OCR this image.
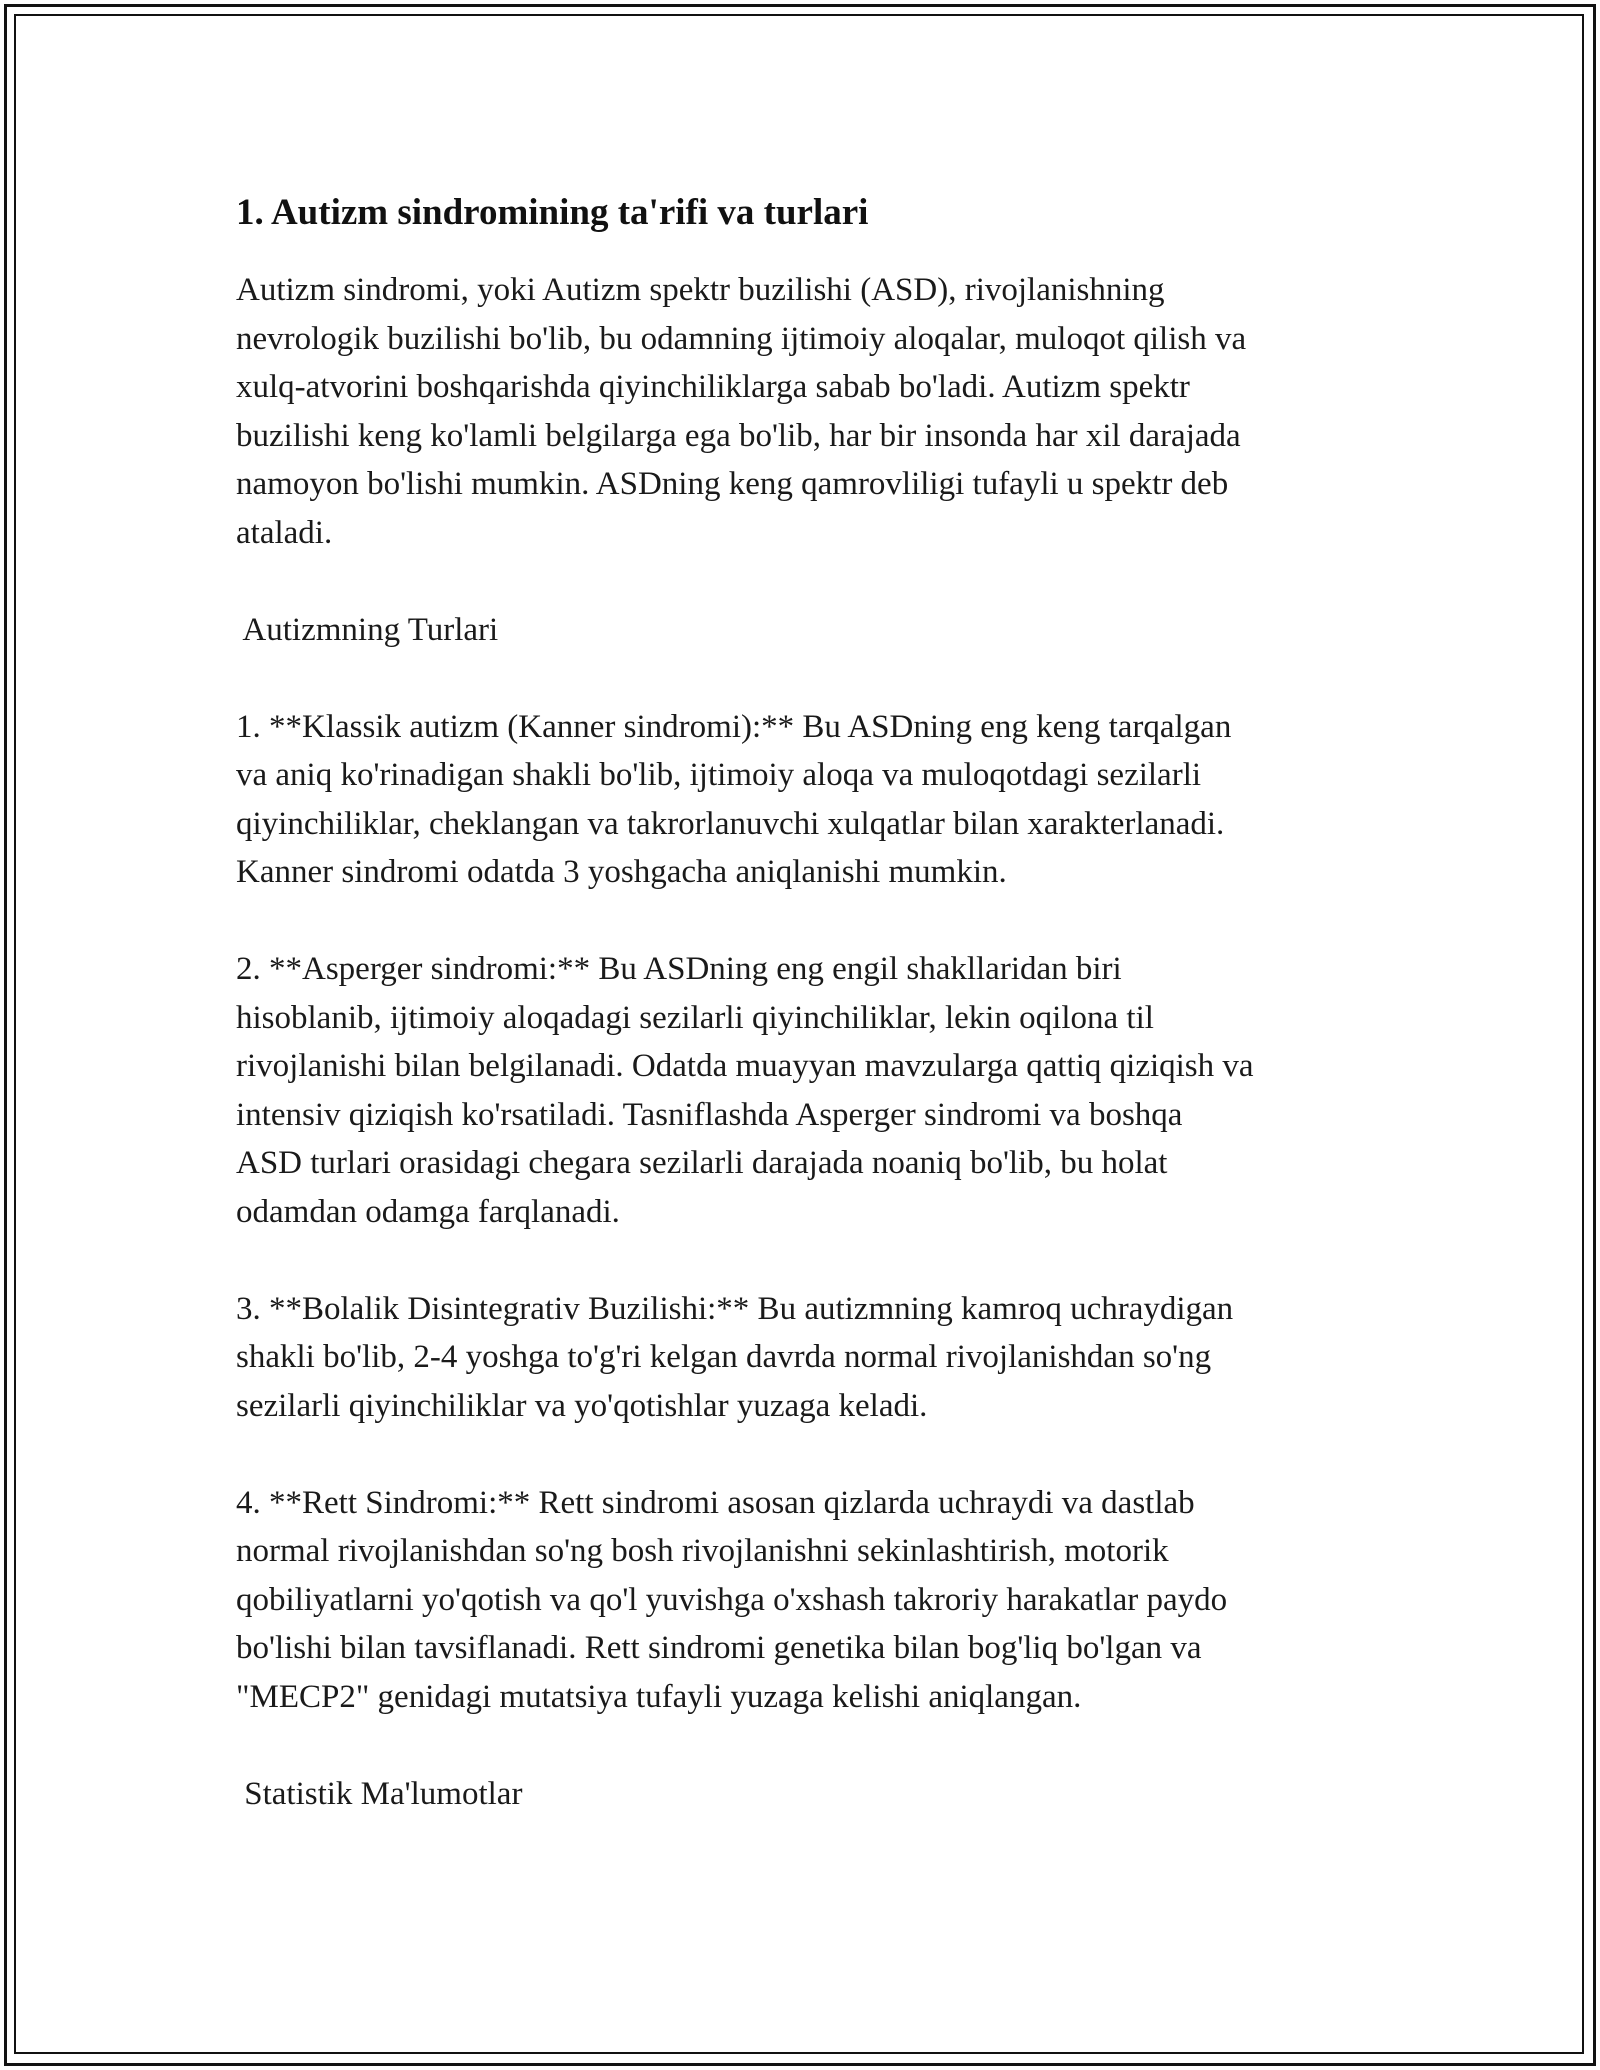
1. Autizm sindromining ta'rifi va turlari

Autizm sindromi, yoki Autizm spektr buzilishi (ASD), rivojlanishning
nevrologik buzilishi bo'lib, bu odamning ijtimoiy aloqalar, muloqot qilish va
xulq-atvorini boshqarishda qiyinchiliklarga sabab bo'ladi. Autizm spektr
buzilishi keng ko'lamli belgilarga ega bo'lib, har bir insonda har xil darajada
namoyon bo'lishi mumkin. ASDning keng qamrovliligi tufayli u spektr deb
ataladi.

Autizmning Turlari

1. **Klassik autizm (Kanner sindromi):** Bu ASDning eng keng tarqalgan
va aniq ko'rinadigan shakli bo'lib, ijtimoiy aloqa va muloqotdagi sezilarli
qiyinchiliklar, cheklangan va takrorlanuvchi xulqatlar bilan xarakterlanadi.
Kanner sindromi odatda 3 yoshgacha aniqlanishi mumkin.

2. **Asperger sindromi:** Bu ASDning eng engil shakllaridan biri
hisoblanib, ijtimoiy aloqadagi sezilarli qiyinchiliklar, lekin oqilona til
rivojlanishi bilan belgilanadi. Odatda muayyan mavzularga qattiq qiziqish va
intensiv qiziqish ko'rsatiladi. Tasniflashda Asperger sindromi va boshqa
ASD turlari orasidagi chegara sezilarli darajada noaniq bo'lib, bu holat
odamdan odamga farqlanadi.

3. **Bolalik Disintegrativ Buzilishi:** Bu autizmning kamroq uchraydigan
shakli bo'lib, 2-4 yoshga to'g'ri kelgan davrda normal rivojlanishdan so'ng
sezilarli qiyinchiliklar va yo'qotishlar yuzaga keladi.

4. **Rett Sindromi:** Rett sindromi asosan qizlarda uchraydi va dastlab
normal rivojlanishdan so'ng bosh rivojlanishni sekinlashtirish, motorik
qobiliyatlarni yo'qotish va qo'l yuvishga o'xshash takroriy harakatlar paydo
bo'lishi bilan tavsiflanadi. Rett sindromi genetika bilan bog'liq bo'lgan va
"MECP2" genidagi mutatsiya tufayli yuzaga kelishi aniqlangan.

Statistik Ma'lumotlar
